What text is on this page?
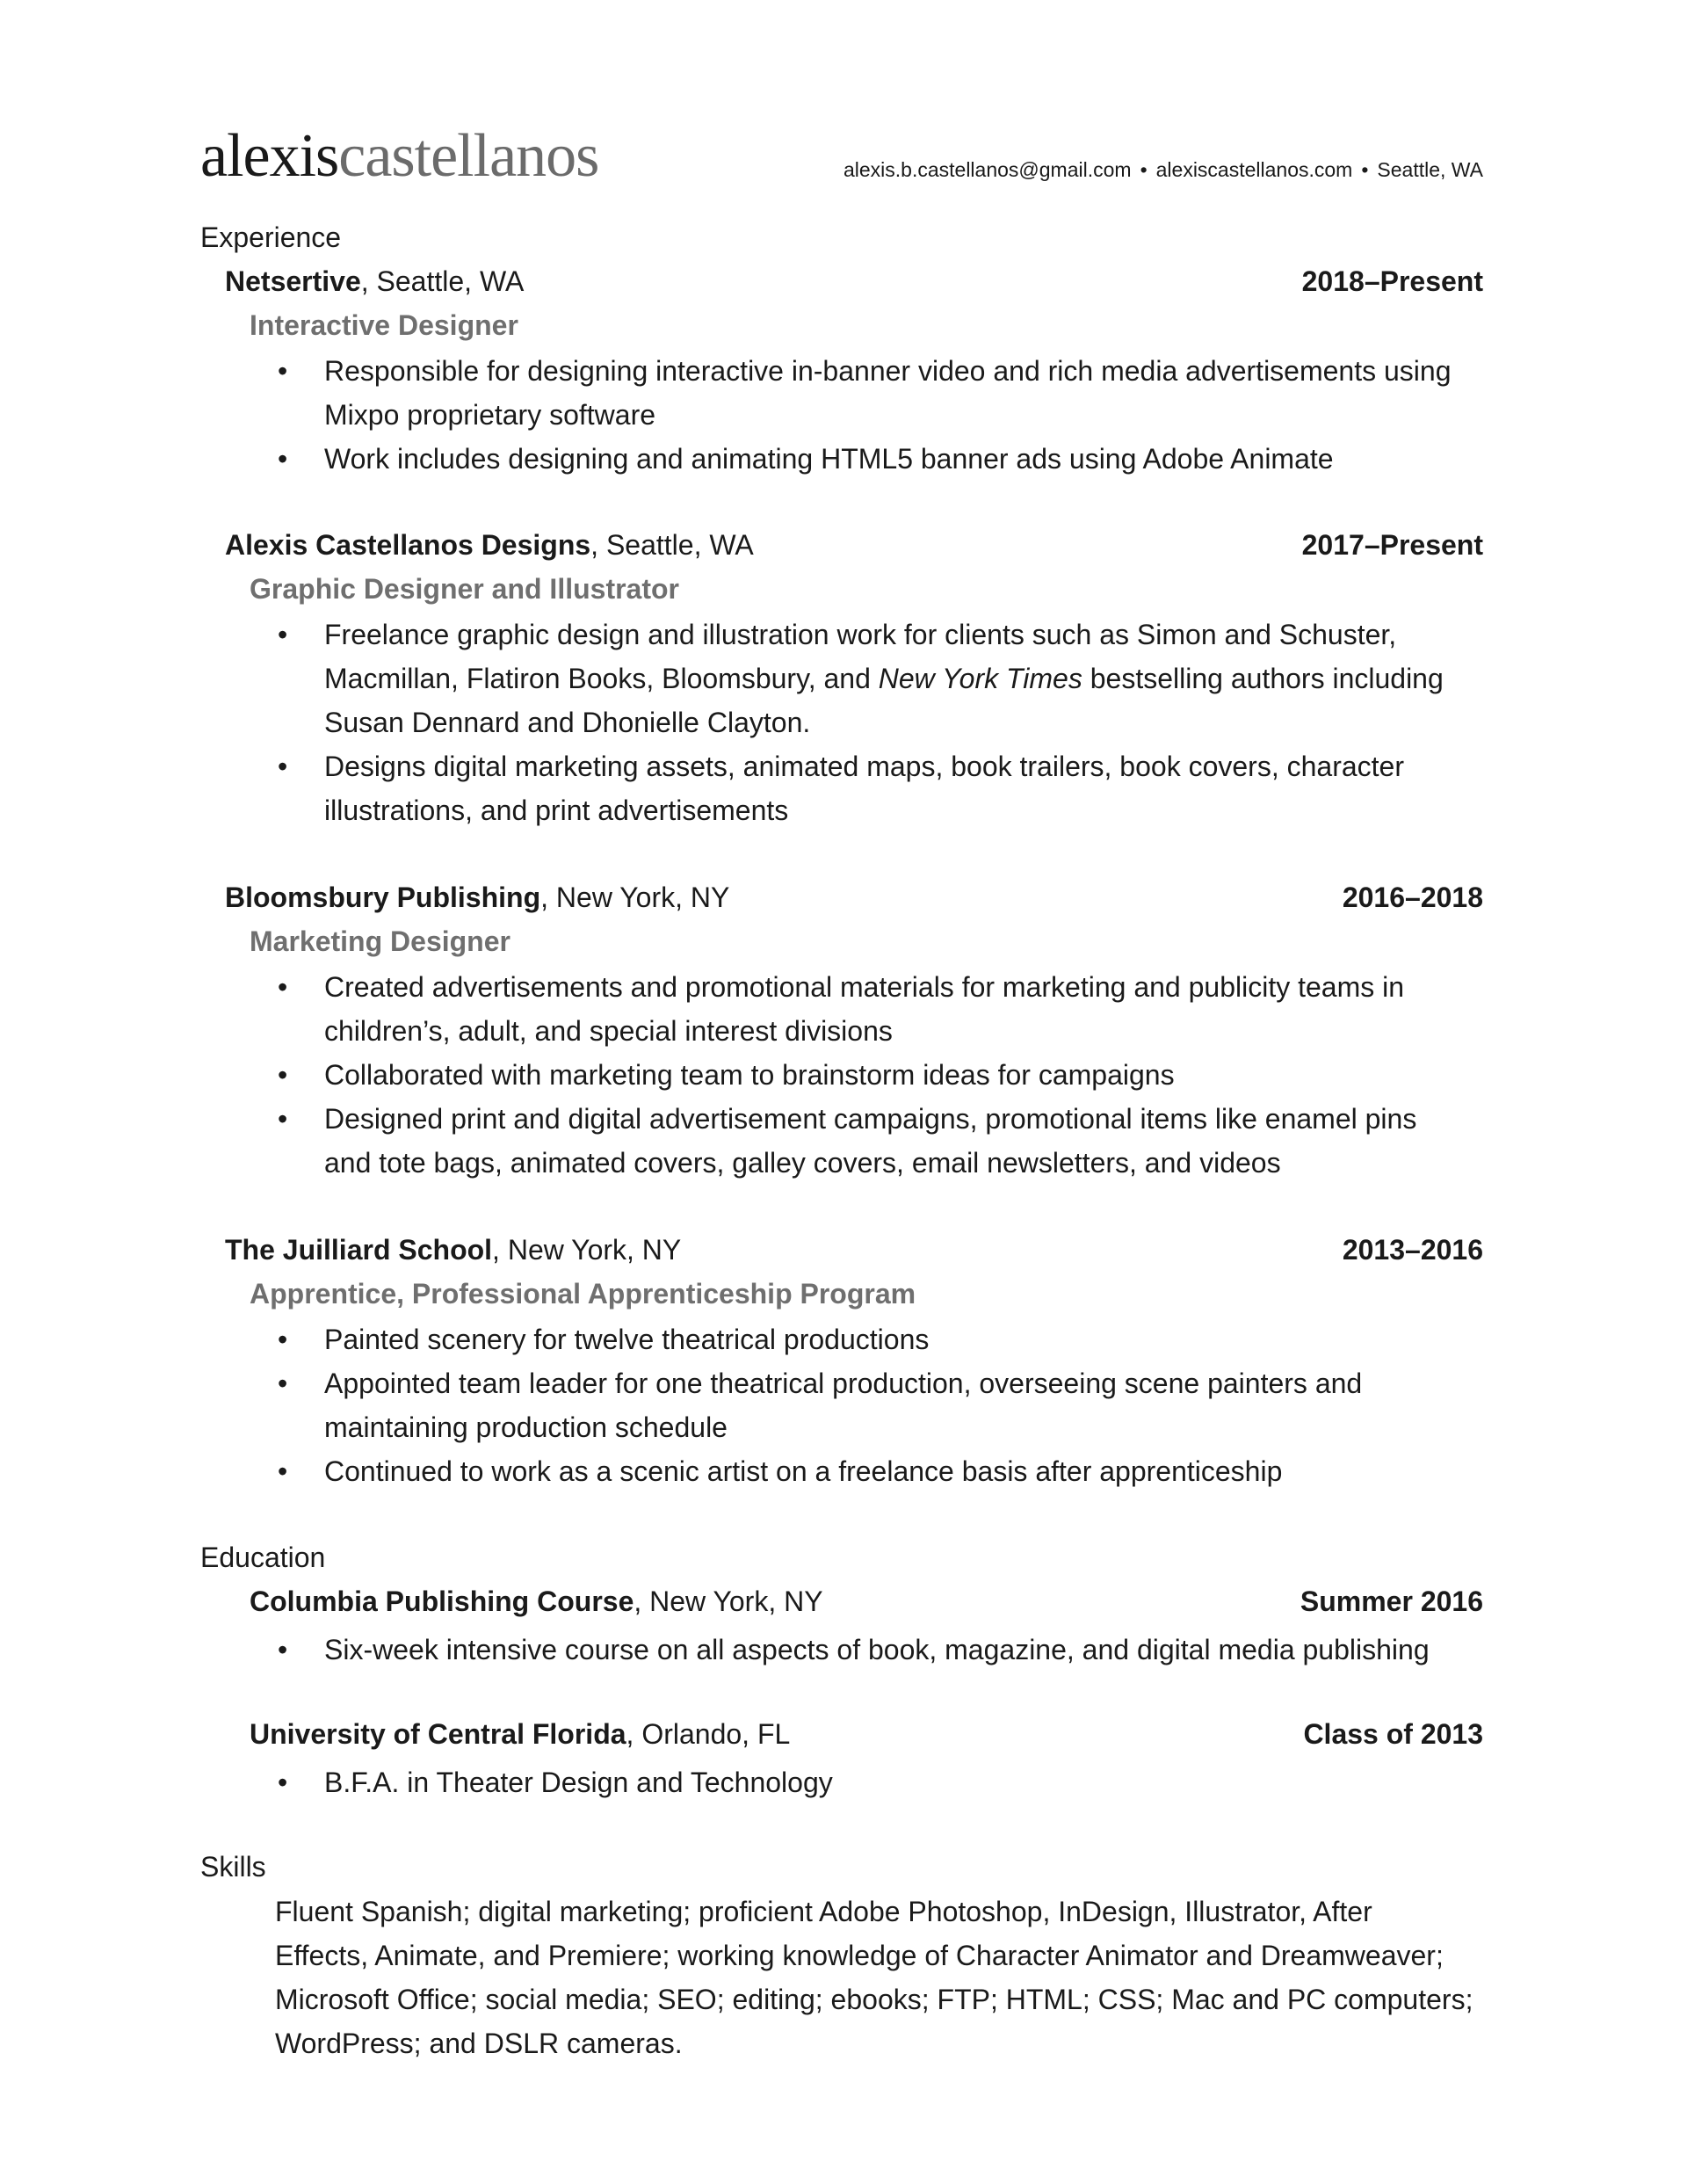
alexiscastellanos	alexis.b.castellanos@gmail.com • alexiscastellanos.com • Seattle, WA
Experience
Netsertive, Seattle, WA	2018–Present
Interactive Designer
• Responsible for designing interactive in-banner video and rich media advertisements using
Mixpo proprietary software
• Work includes designing and animating HTML5 banner ads using Adobe Animate
Alexis Castellanos Designs, Seattle, WA	2017–Present
Graphic Designer and Illustrator
• Freelance graphic design and illustration work for clients such as Simon and Schuster,
Macmillan, Flatiron Books, Bloomsbury, and New York Times bestselling authors including
Susan Dennard and Dhonielle Clayton.
• Designs digital marketing assets, animated maps, book trailers, book covers, character
illustrations, and print advertisements
Bloomsbury Publishing, New York, NY	2016–2018
Marketing Designer
• Created advertisements and promotional materials for marketing and publicity teams in
children’s, adult, and special interest divisions
• Collaborated with marketing team to brainstorm ideas for campaigns
• Designed print and digital advertisement campaigns, promotional items like enamel pins
and tote bags, animated covers, galley covers, email newsletters, and videos
The Juilliard School, New York, NY	2013–2016
Apprentice, Professional Apprenticeship Program
• Painted scenery for twelve theatrical productions
• Appointed team leader for one theatrical production, overseeing scene painters and
maintaining production schedule
• Continued to work as a scenic artist on a freelance basis after apprenticeship
Education
Columbia Publishing Course, New York, NY	Summer 2016
• Six-week intensive course on all aspects of book, magazine, and digital media publishing
University of Central Florida, Orlando, FL	Class of 2013
• B.F.A. in Theater Design and Technology
Skills
Fluent Spanish; digital marketing; proficient Adobe Photoshop, InDesign, Illustrator, After
Effects, Animate, and Premiere; working knowledge of Character Animator and Dreamweaver;
Microsoft Office; social media; SEO; editing; ebooks; FTP; HTML; CSS; Mac and PC computers;
WordPress; and DSLR cameras.
